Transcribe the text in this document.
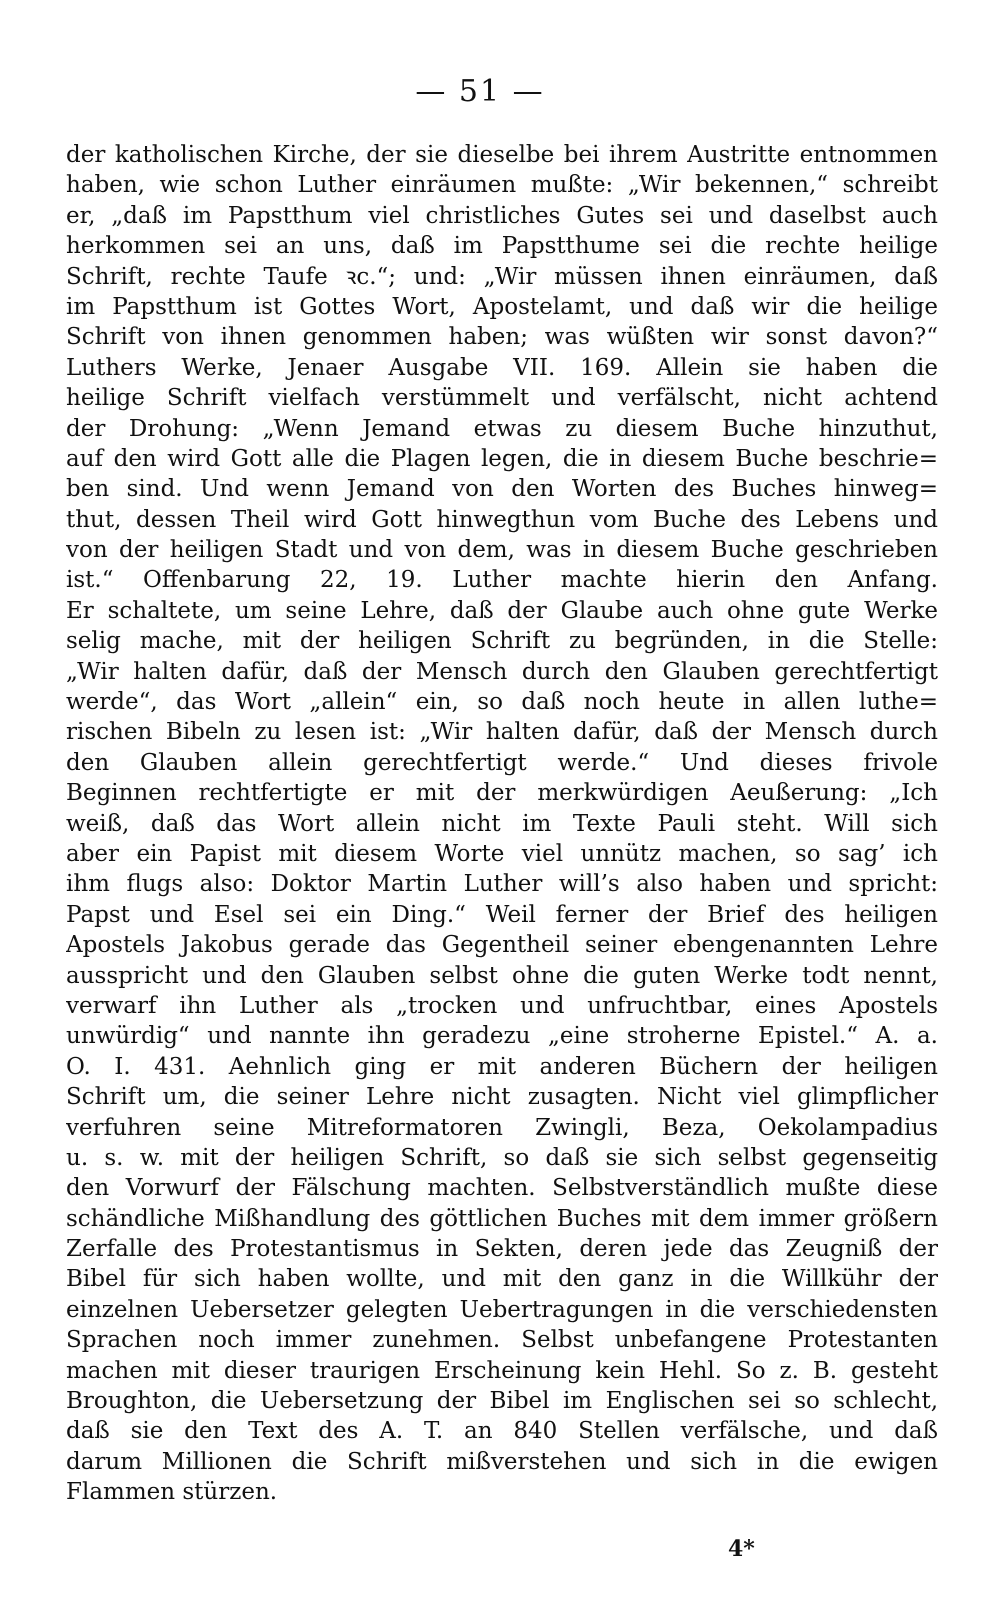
— 51 —
der katholischen Kirche, der sie dieselbe bei ihrem Austritte entnommen
haben, wie schon Luther einräumen mußte: „Wir bekennen,“ schreibt
er, „daß im Papstthum viel christliches Gutes sei und daselbst auch
herkommen sei an uns, daß im Papstthume sei die rechte heilige
Schrift, rechte Taufe ꝛc.“; und: „Wir müssen ihnen einräumen, daß
im Papstthum ist Gottes Wort, Apostelamt, und daß wir die heilige
Schrift von ihnen genommen haben; was wüßten wir sonst davon?“
Luthers Werke, Jenaer Ausgabe VII. 169. Allein sie haben die
heilige Schrift vielfach verstümmelt und verfälscht, nicht achtend
der Drohung: „Wenn Jemand etwas zu diesem Buche hinzuthut,
auf den wird Gott alle die Plagen legen, die in diesem Buche beschrie=
ben sind. Und wenn Jemand von den Worten des Buches hinweg=
thut, dessen Theil wird Gott hinwegthun vom Buche des Lebens und
von der heiligen Stadt und von dem, was in diesem Buche geschrieben
ist.“ Offenbarung 22, 19. Luther machte hierin den Anfang.
Er schaltete, um seine Lehre, daß der Glaube auch ohne gute Werke
selig mache, mit der heiligen Schrift zu begründen, in die Stelle:
„Wir halten dafür, daß der Mensch durch den Glauben gerechtfertigt
werde“, das Wort „allein“ ein, so daß noch heute in allen luthe=
rischen Bibeln zu lesen ist: „Wir halten dafür, daß der Mensch durch
den Glauben allein gerechtfertigt werde.“ Und dieses frivole
Beginnen rechtfertigte er mit der merkwürdigen Aeußerung: „Ich
weiß, daß das Wort allein nicht im Texte Pauli steht. Will sich
aber ein Papist mit diesem Worte viel unnütz machen, so sag’ ich
ihm flugs also: Doktor Martin Luther will’s also haben und spricht:
Papst und Esel sei ein Ding.“ Weil ferner der Brief des heiligen
Apostels Jakobus gerade das Gegentheil seiner ebengenannten Lehre
ausspricht und den Glauben selbst ohne die guten Werke todt nennt,
verwarf ihn Luther als „trocken und unfruchtbar, eines Apostels
unwürdig“ und nannte ihn geradezu „eine stroherne Epistel.“ A. a.
O. I. 431. Aehnlich ging er mit anderen Büchern der heiligen
Schrift um, die seiner Lehre nicht zusagten. Nicht viel glimpflicher
verfuhren seine Mitreformatoren Zwingli, Beza, Oekolampadius
u. s. w. mit der heiligen Schrift, so daß sie sich selbst gegenseitig
den Vorwurf der Fälschung machten. Selbstverständlich mußte diese
schändliche Mißhandlung des göttlichen Buches mit dem immer größern
Zerfalle des Protestantismus in Sekten, deren jede das Zeugniß der
Bibel für sich haben wollte, und mit den ganz in die Willkühr der
einzelnen Uebersetzer gelegten Uebertragungen in die verschiedensten
Sprachen noch immer zunehmen. Selbst unbefangene Protestanten
machen mit dieser traurigen Erscheinung kein Hehl. So z. B. gesteht
Broughton, die Uebersetzung der Bibel im Englischen sei so schlecht,
daß sie den Text des A. T. an 840 Stellen verfälsche, und daß
darum Millionen die Schrift mißverstehen und sich in die ewigen
Flammen stürzen.
4*
